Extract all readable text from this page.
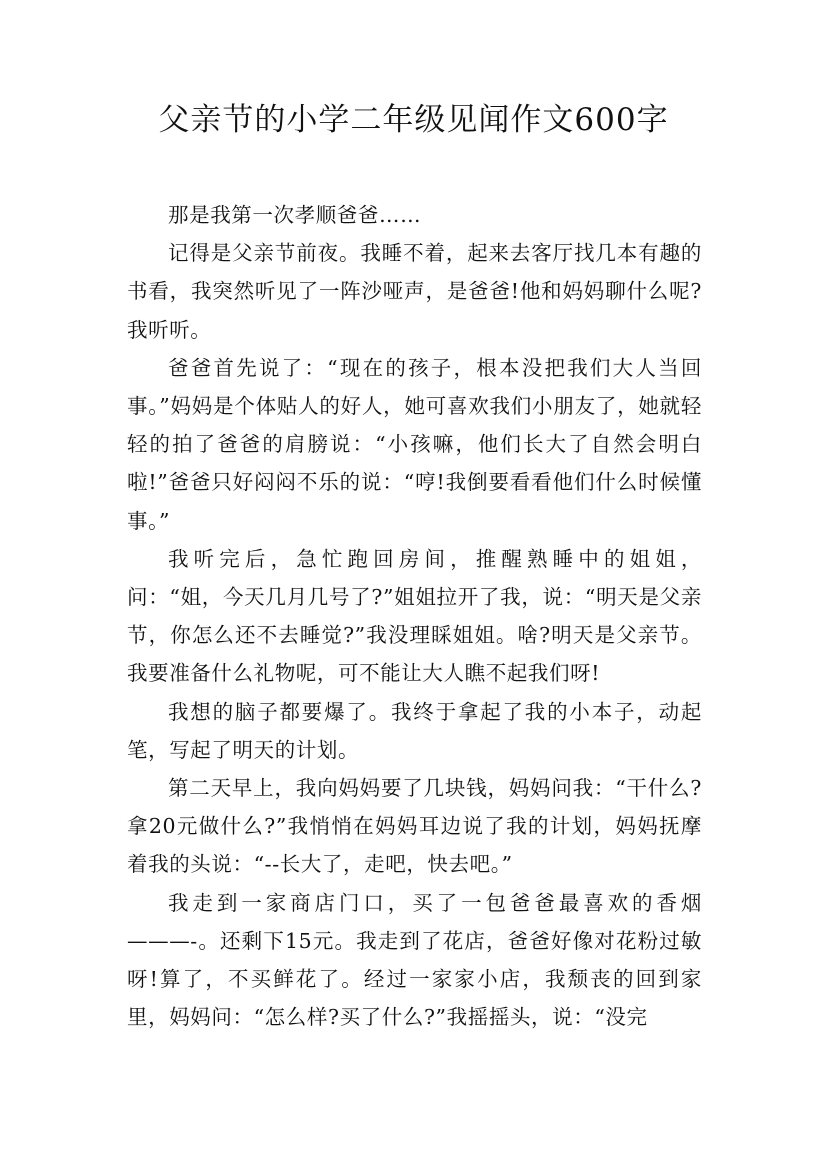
父亲节的小学二年级见闻作文600字

那是我第一次孝顺爸爸……

记得是父亲节前夜。我睡不着，起来去客厅找几本有趣的书看，我突然听见了一阵沙哑声，是爸爸!他和妈妈聊什么呢?我听听。

爸爸首先说了：“现在的孩子，根本没把我们大人当回事。”妈妈是个体贴人的好人，她可喜欢我们小朋友了，她就轻轻的拍了爸爸的肩膀说：“小孩嘛，他们长大了自然会明白啦!”爸爸只好闷闷不乐的说：“哼!我倒要看看他们什么时候懂事。”

我听完后，急忙跑回房间，推醒熟睡中的姐姐，问：“姐，今天几月几号了?”姐姐拉开了我，说：“明天是父亲节，你怎么还不去睡觉?”我没理睬姐姐。啥?明天是父亲节。我要准备什么礼物呢，可不能让大人瞧不起我们呀!

我想的脑子都要爆了。我终于拿起了我的小本子，动起笔，写起了明天的计划。

第二天早上，我向妈妈要了几块钱，妈妈问我：“干什么?拿20元做什么?”我悄悄在妈妈耳边说了我的计划，妈妈抚摩着我的头说：“--长大了，走吧，快去吧。”

我走到一家商店门口，买了一包爸爸最喜欢的香烟———-。还剩下15元。我走到了花店，爸爸好像对花粉过敏呀!算了，不买鲜花了。经过一家家小店，我颓丧的回到家里，妈妈问：“怎么样?买了什么?”我摇摇头，说：“没完
